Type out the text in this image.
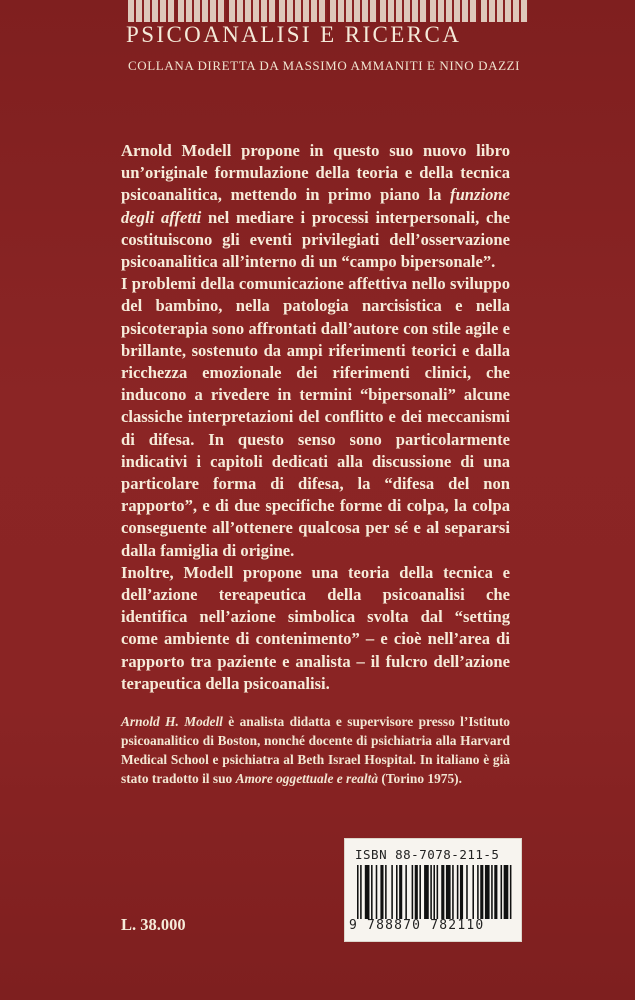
PSICOANALISI E RICERCA
COLLANA DIRETTA DA MASSIMO AMMANITI E NINO DAZZI

Arnold Modell propone in questo suo nuovo libro un’originale formulazione della teoria e della tecnica psicoanalitica, mettendo in primo piano la funzione degli affetti nel mediare i processi interpersonali, che costituiscono gli eventi privilegiati dell’osservazione psicoanalitica all’interno di un “campo bipersonale”.

I problemi della comunicazione affettiva nello sviluppo del bambino, nella patologia narcisistica e nella psicoterapia sono affrontati dall’autore con stile agile e brillante, sostenuto da ampi riferimenti teorici e dalla ricchezza emozionale dei riferimenti clinici, che inducono a rivedere in termini “bipersonali” alcune classiche interpretazioni del conflitto e dei meccanismi di difesa. In questo senso sono particolarmente indicativi i capitoli dedicati alla discussione di una particolare forma di difesa, la “difesa del non rapporto”, e di due specifiche forme di colpa, la colpa conseguente all’ottenere qualcosa per sé e al separarsi dalla famiglia di origine.

Inoltre, Modell propone una teoria della tecnica e dell’azione tereapeutica della psicoanalisi che identifica nell’azione simbolica svolta dal “setting come ambiente di contenimento” – e cioè nell’area di rapporto tra paziente e analista – il fulcro dell’azione terapeutica della psicoanalisi.

Arnold H. Modell è analista didatta e supervisore presso l’Istituto psicoanalitico di Boston, nonché docente di psichiatria alla Harvard Medical School e psichiatra al Beth Israel Hospital. In italiano è già stato tradotto il suo Amore oggettuale e realtà (Torino 1975).
ISBN 88-7078-211-5
9 788870 782110
L. 38.000
